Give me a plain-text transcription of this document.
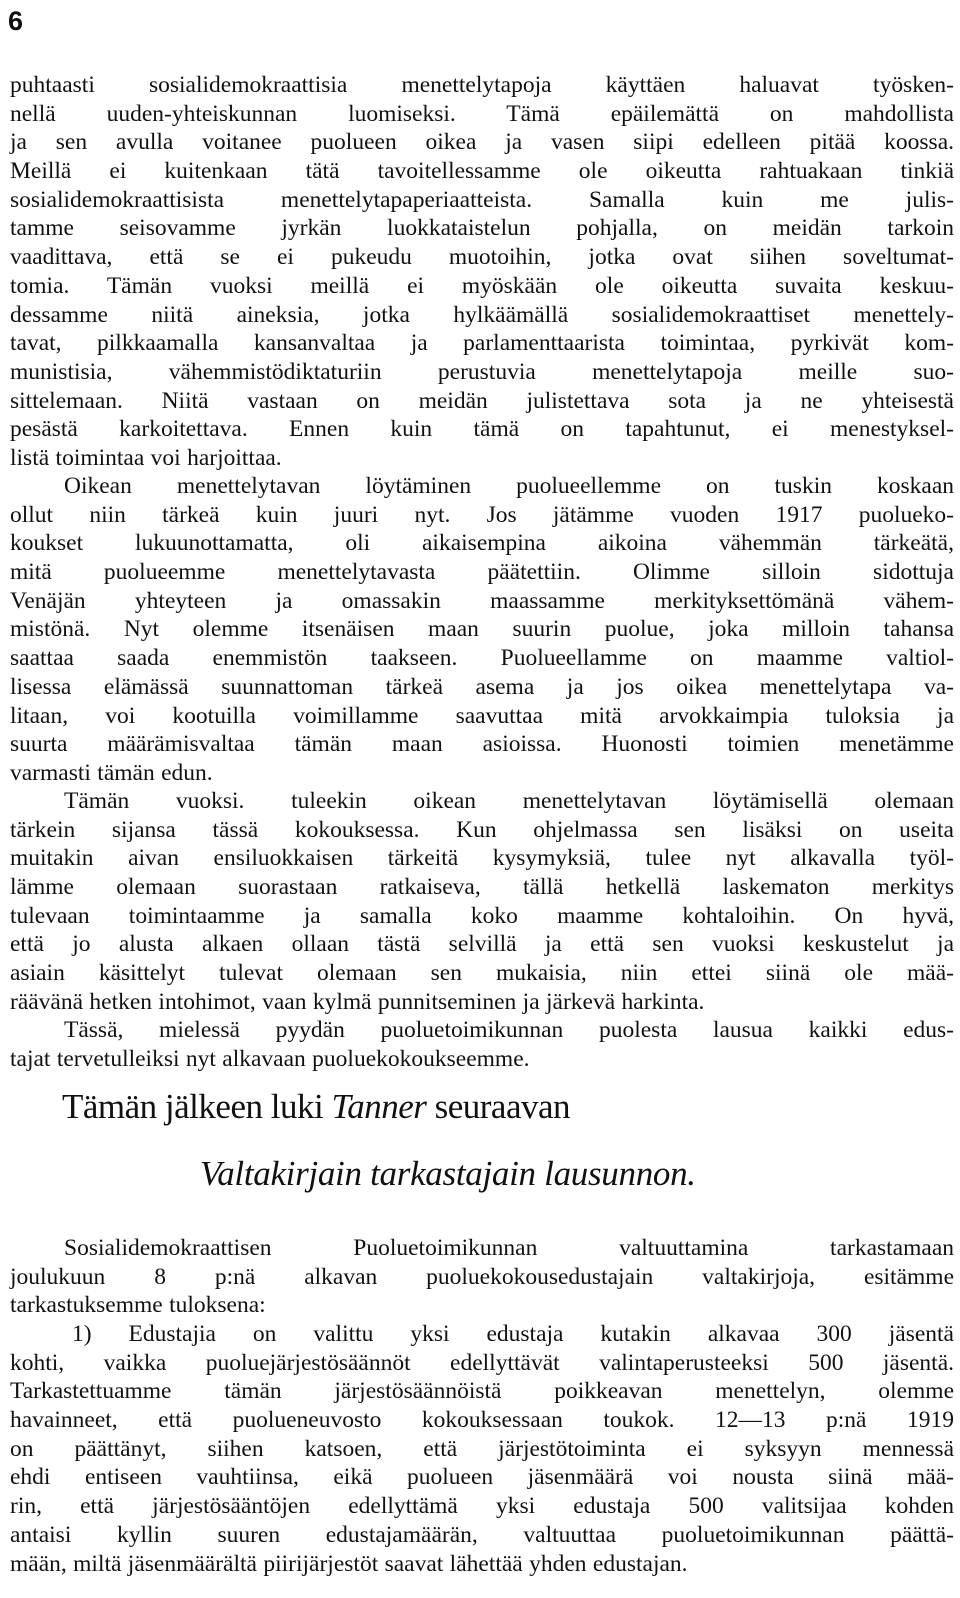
6
puhtaasti sosialidemokraattisia menettelytapoja käyttäen haluavat työsken-
nellä uuden-yhteiskunnan luomiseksi. Tämä epäilemättä on mahdollista
ja sen avulla voitanee puolueen oikea ja vasen siipi edelleen pitää koossa.
Meillä ei kuitenkaan tätä tavoitellessamme ole oikeutta rahtuakaan tinkiä
sosialidemokraattisista menettelytapaperiaatteista. Samalla kuin me julis-
tamme seisovamme jyrkän luokkataistelun pohjalla, on meidän tarkoin
vaadittava, että se ei pukeudu muotoihin, jotka ovat siihen soveltumat-
tomia. Tämän vuoksi meillä ei myöskään ole oikeutta suvaita keskuu-
dessamme niitä aineksia, jotka hylkäämällä sosialidemokraattiset menettely-
tavat, pilkkaamalla kansanvaltaa ja parlamenttaarista toimintaa, pyrkivät kom-
munistisia, vähemmistödiktaturiin perustuvia menettelytapoja meille suo-
sittelemaan. Niitä vastaan on meidän julistettava sota ja ne yhteisestä
pesästä karkoitettava. Ennen kuin tämä on tapahtunut, ei menestyksel-
listä toimintaa voi harjoittaa.
Oikean menettelytavan löytäminen puolueellemme on tuskin koskaan
ollut niin tärkeä kuin juuri nyt. Jos jätämme vuoden 1917 puolueko-
koukset lukuunottamatta, oli aikaisempina aikoina vähemmän tärkeätä,
mitä puolueemme menettelytavasta päätettiin. Olimme silloin sidottuja
Venäjän yhteyteen ja omassakin maassamme merkityksettömänä vähem-
mistönä. Nyt olemme itsenäisen maan suurin puolue, joka milloin tahansa
saattaa saada enemmistön taakseen. Puolueellamme on maamme valtiol-
lisessa elämässä suunnattoman tärkeä asema ja jos oikea menettelytapa va-
litaan, voi kootuilla voimillamme saavuttaa mitä arvokkaimpia tuloksia ja
suurta määrämisvaltaa tämän maan asioissa. Huonosti toimien menetämme
varmasti tämän edun.
Tämän vuoksi. tuleekin oikean menettelytavan löytämisellä olemaan
tärkein sijansa tässä kokouksessa. Kun ohjelmassa sen lisäksi on useita
muitakin aivan ensiluokkaisen tärkeitä kysymyksiä, tulee nyt alkavalla työl-
lämme olemaan suorastaan ratkaiseva, tällä hetkellä laskematon merkitys
tulevaan toimintaamme ja samalla koko maamme kohtaloihin. On hyvä,
että jo alusta alkaen ollaan tästä selvillä ja että sen vuoksi keskustelut ja
asiain käsittelyt tulevat olemaan sen mukaisia, niin ettei siinä ole mää-
räävänä hetken intohimot, vaan kylmä punnitseminen ja järkevä harkinta.
Tässä, mielessä pyydän puoluetoimikunnan puolesta lausua kaikki edus-
tajat tervetulleiksi nyt alkavaan puoluekokoukseemme.
Tämän jälkeen luki Tanner seuraavan
Valtakirjain tarkastajain lausunnon.
Sosialidemokraattisen Puoluetoimikunnan valtuuttamina tarkastamaan
joulukuun 8 p:nä alkavan puoluekokousedustajain valtakirjoja, esitämme
tarkastuksemme tuloksena:
1) Edustajia on valittu yksi edustaja kutakin alkavaa 300 jäsentä
kohti, vaikka puoluejärjestösäännöt edellyttävät valintaperusteeksi 500 jäsentä.
Tarkastettuamme tämän järjestösäännöistä poikkeavan menettelyn, olemme
havainneet, että puolueneuvosto kokouksessaan toukok. 12—13 p:nä 1919
on päättänyt, siihen katsoen, että järjestötoiminta ei syksyyn mennessä
ehdi entiseen vauhtiinsa, eikä puolueen jäsenmäärä voi nousta siinä mää-
rin, että järjestösääntöjen edellyttämä yksi edustaja 500 valitsijaa kohden
antaisi kyllin suuren edustajamäärän, valtuuttaa puoluetoimikunnan päättä-
mään, miltä jäsenmäärältä piirijärjestöt saavat lähettää yhden edustajan.
